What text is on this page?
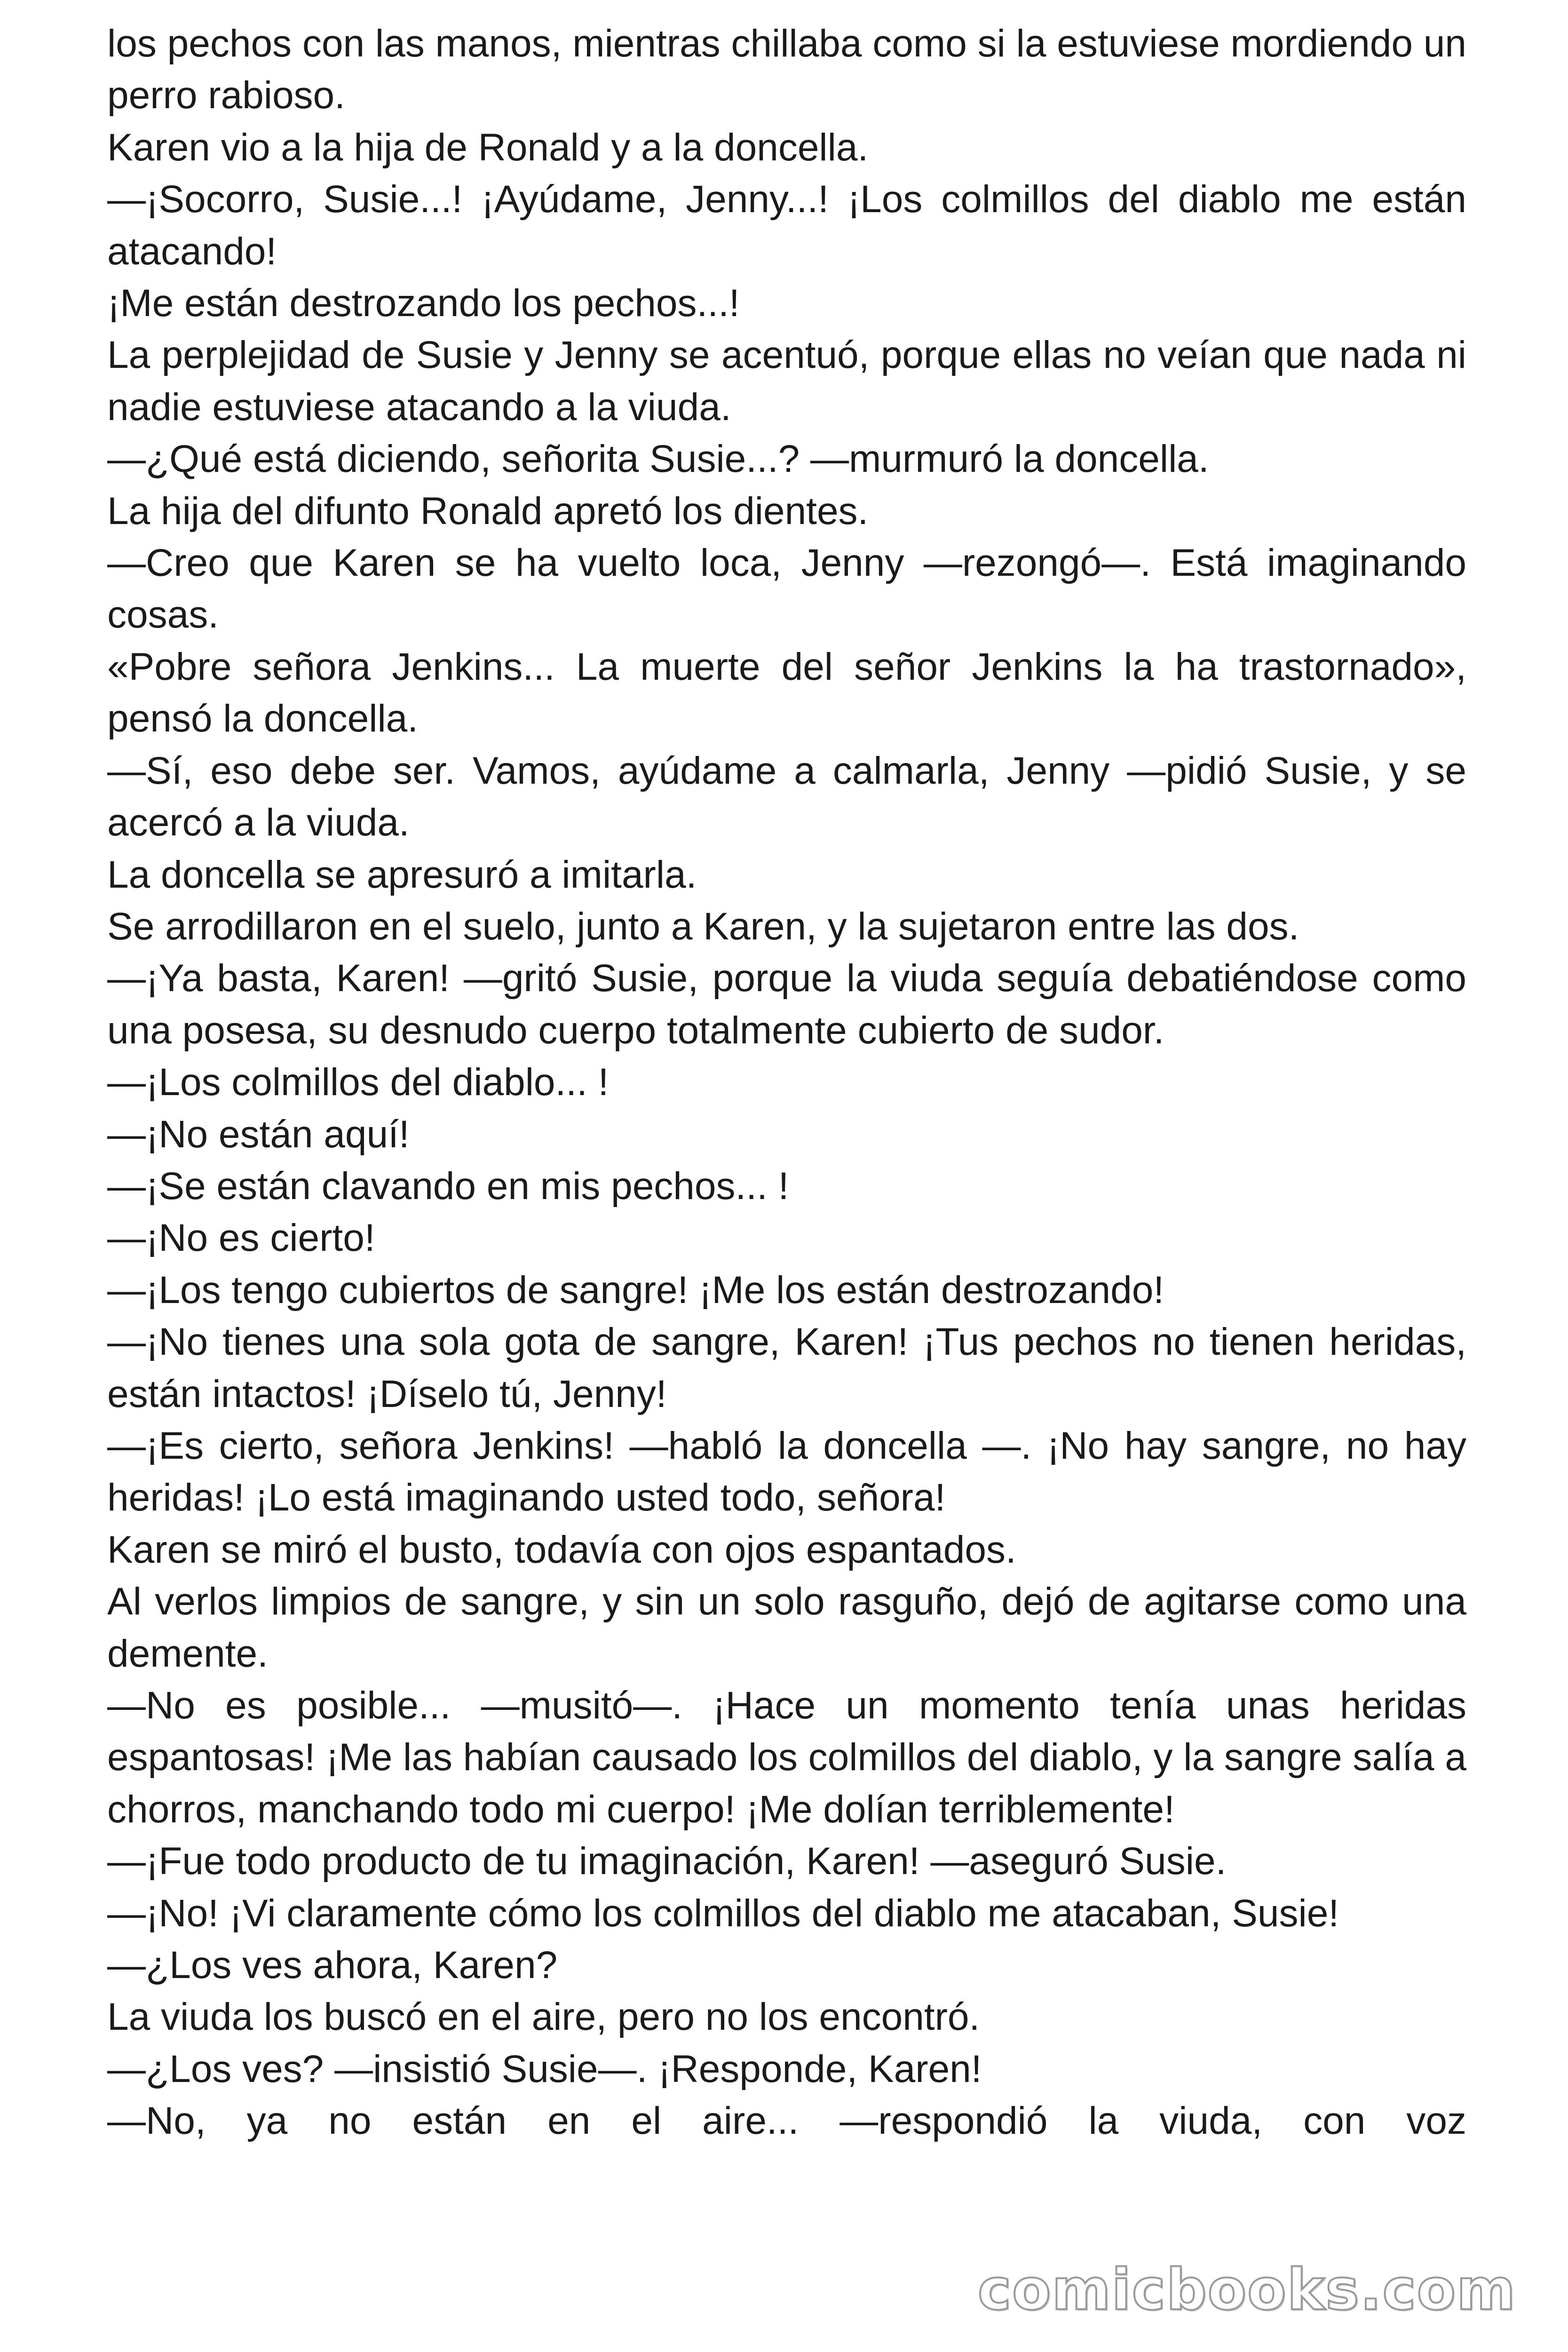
los pechos con las manos, mientras chillaba como si la estuviese mordiendo un perro rabioso.

Karen vio a la hija de Ronald y a la doncella.

—¡Socorro, Susie...! ¡Ayúdame, Jenny...! ¡Los colmillos del diablo me están atacando!

¡Me están destrozando los pechos...!

La perplejidad de Susie y Jenny se acentuó, porque ellas no veían que nada ni nadie estuviese atacando a la viuda.

—¿Qué está diciendo, señorita Susie...? —murmuró la doncella.

La hija del difunto Ronald apretó los dientes.

—Creo que Karen se ha vuelto loca, Jenny —rezongó—. Está imaginando cosas.

«Pobre señora Jenkins... La muerte del señor Jenkins la ha trastornado», pensó la doncella.

—Sí, eso debe ser. Vamos, ayúdame a calmarla, Jenny —pidió Susie, y se acercó a la viuda.

La doncella se apresuró a imitarla.

Se arrodillaron en el suelo, junto a Karen, y la sujetaron entre las dos.

—¡Ya basta, Karen! —gritó Susie, porque la viuda seguía debatiéndose como una posesa, su desnudo cuerpo totalmente cubierto de sudor.

—¡Los colmillos del diablo... !

—¡No están aquí!

—¡Se están clavando en mis pechos... !

—¡No es cierto!

—¡Los tengo cubiertos de sangre! ¡Me los están destrozando!

—¡No tienes una sola gota de sangre, Karen! ¡Tus pechos no tienen heridas, están intactos! ¡Díselo tú, Jenny!

—¡Es cierto, señora Jenkins! —habló la doncella —. ¡No hay sangre, no hay heridas! ¡Lo está imaginando usted todo, señora!

Karen se miró el busto, todavía con ojos espantados.

Al verlos limpios de sangre, y sin un solo rasguño, dejó de agitarse como una demente.

—No es posible... —musitó—. ¡Hace un momento tenía unas heridas espantosas! ¡Me las habían causado los colmillos del diablo, y la sangre salía a chorros, manchando todo mi cuerpo! ¡Me dolían terriblemente!

—¡Fue todo producto de tu imaginación, Karen! —aseguró Susie.

—¡No! ¡Vi claramente cómo los colmillos del diablo me atacaban, Susie!

—¿Los ves ahora, Karen?

La viuda los buscó en el aire, pero no los encontró.

—¿Los ves? —insistió Susie—. ¡Responde, Karen!

—No, ya no están en el aire... —respondió la viuda, con voz

comicbooks.com
